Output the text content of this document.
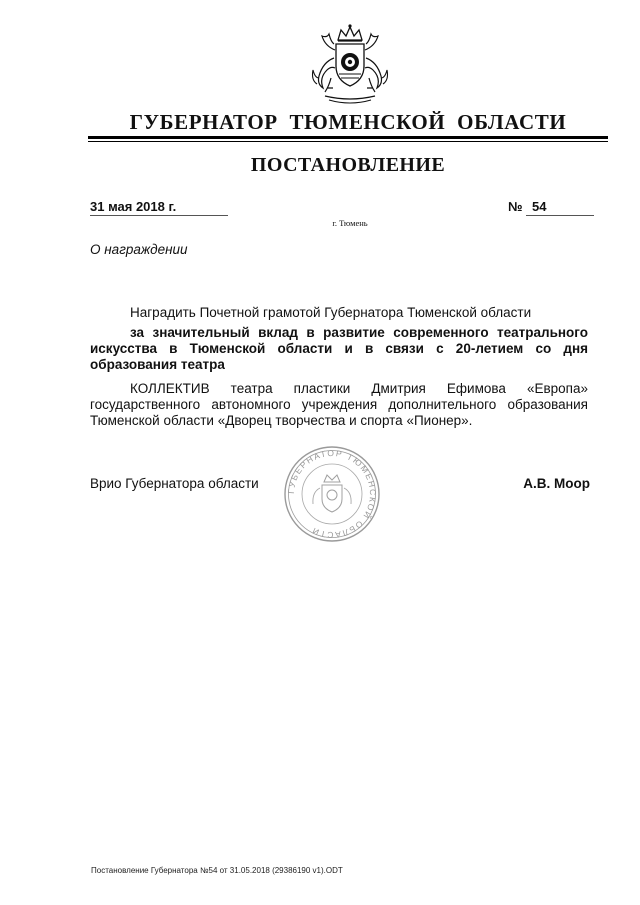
ГУБЕРНАТОР ТЮМЕНСКОЙ ОБЛАСТИ
ПОСТАНОВЛЕНИЕ
31 мая 2018 г.	№ 54
г. Тюмень
О награждении
Наградить Почетной грамотой Губернатора Тюменской области
за значительный вклад в развитие современного театрального искусства в Тюменской области и в связи с 20-летием со дня образования театра
КОЛЛЕКТИВ театра пластики Дмитрия Ефимова «Европа» государственного автономного учреждения дополнительного образования Тюменской области «Дворец творчества и спорта «Пионер».
ГУБЕРНАТОР ТЮМЕНСКОЙ ОБЛАСТИ
Врио Губернатора области	А.В. Моор
Постановление Губернатора №54 от 31.05.2018 (29386190 v1).ODT
